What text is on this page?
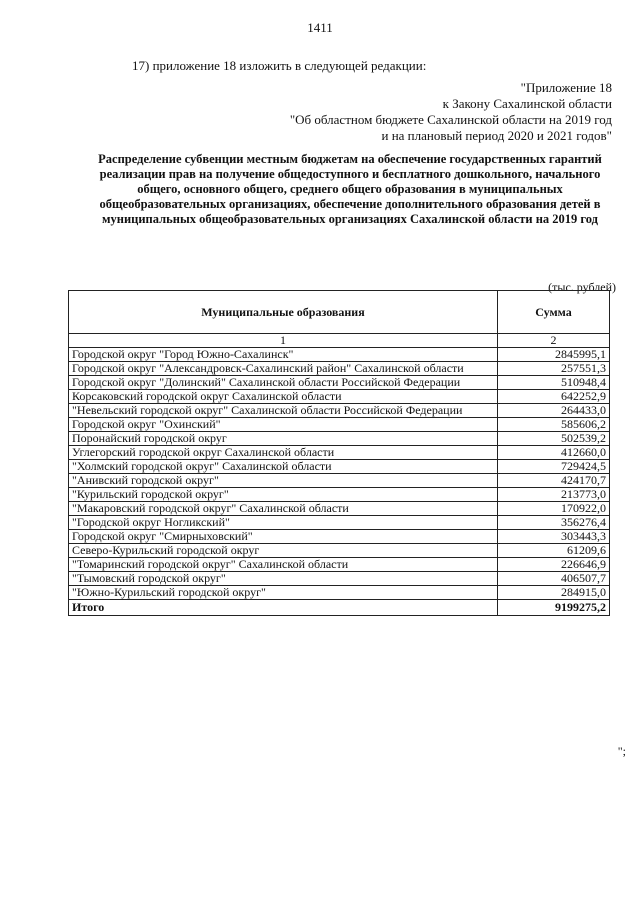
1411
17) приложение 18 изложить в следующей редакции:
"Приложение 18
к Закону Сахалинской области
"Об областном бюджете Сахалинской области на 2019 год
и на плановый период 2020 и 2021 годов"
Распределение субвенции местным бюджетам на обеспечение государственных гарантий реализации прав на получение общедоступного и бесплатного дошкольного, начального общего, основного общего, среднего общего образования в муниципальных общеобразовательных организациях, обеспечение дополнительного образования детей в муниципальных общеобразовательных организациях Сахалинской области на 2019 год
(тыс. рублей)
Муниципальные образования	Сумма
1	2
Городской округ "Город Южно-Сахалинск"	2845995,1
Городской округ "Александровск-Сахалинский район" Сахалинской области	257551,3
Городской округ "Долинский" Сахалинской области Российской Федерации	510948,4
Корсаковский городской округ Сахалинской области	642252,9
"Невельский городской округ" Сахалинской области Российской Федерации	264433,0
Городской округ "Охинский"	585606,2
Поронайский городской округ	502539,2
Углегорский городской округ Сахалинской области	412660,0
"Холмский городской округ" Сахалинской области	729424,5
"Анивский городской округ"	424170,7
"Курильский городской округ"	213773,0
"Макаровский городской округ" Сахалинской области	170922,0
"Городской округ Ногликский"	356276,4
Городской округ "Смирныховский"	303443,3
Северо-Курильский городской округ	61209,6
"Томаринский городской округ" Сахалинской области	226646,9
"Тымовский городской округ"	406507,7
"Южно-Курильский городской округ"	284915,0
Итого	9199275,2
";
